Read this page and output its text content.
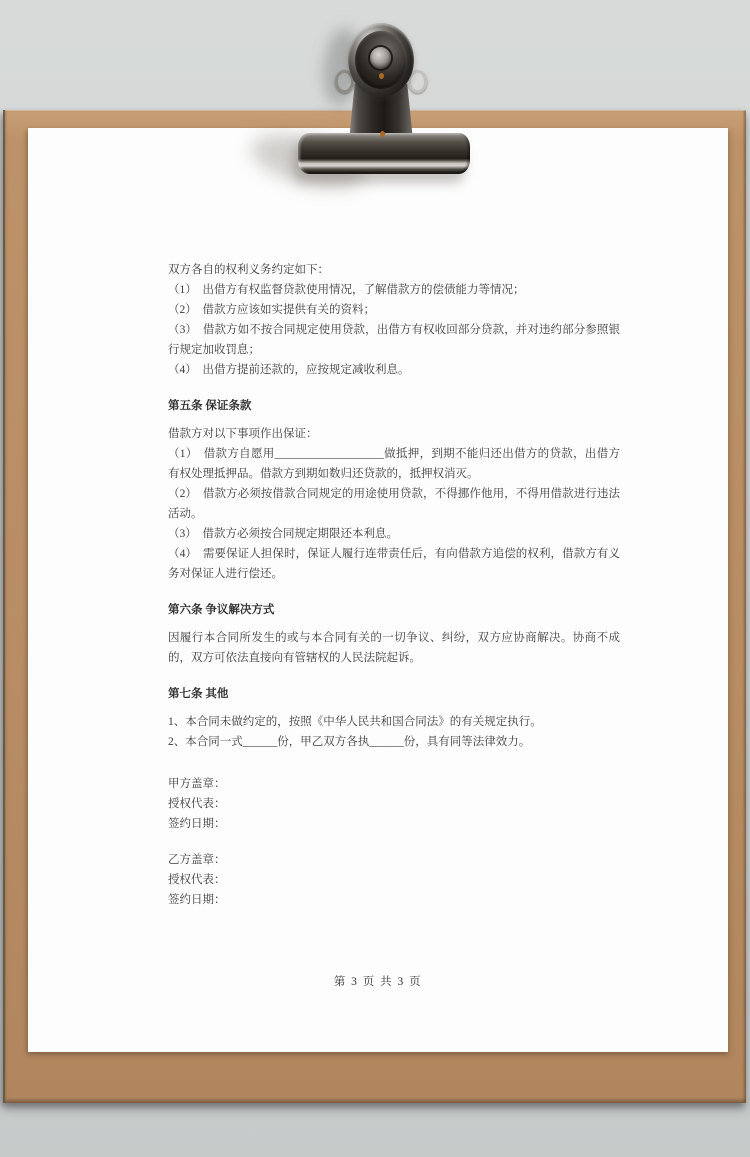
双方各自的权利义务约定如下：

（1）　出借方有权监督贷款使用情况，了解借款方的偿债能力等情况；

（2）　借款方应该如实提供有关的资料；

（3）　借款方如不按合同规定使用贷款，出借方有权收回部分贷款，并对违约部分参照银行规定加收罚息；

（4）　出借方提前还款的，应按规定减收利息。

第五条 保证条款

借款方对以下事项作出保证：

（1）　借款方自愿用___________________做抵押，到期不能归还出借方的贷款，出借方有权处理抵押品。借款方到期如数归还贷款的，抵押权消灭。

（2）　借款方必须按借款合同规定的用途使用贷款，不得挪作他用，不得用借款进行违法活动。

（3）　借款方必须按合同规定期限还本利息。

（4）　需要保证人担保时，保证人履行连带责任后，有向借款方追偿的权利，借款方有义务对保证人进行偿还。

第六条 争议解决方式

因履行本合同所发生的或与本合同有关的一切争议、纠纷，双方应协商解决。协商不成的，双方可依法直接向有管辖权的人民法院起诉。

第七条 其他

1、本合同未做约定的，按照《中华人民共和国合同法》的有关规定执行。

2、本合同一式______份，甲乙双方各执______份，具有同等法律效力。

甲方盖章：

授权代表：

签约日期：

乙方盖章：

授权代表：

签约日期：

第 3 页 共 3 页
